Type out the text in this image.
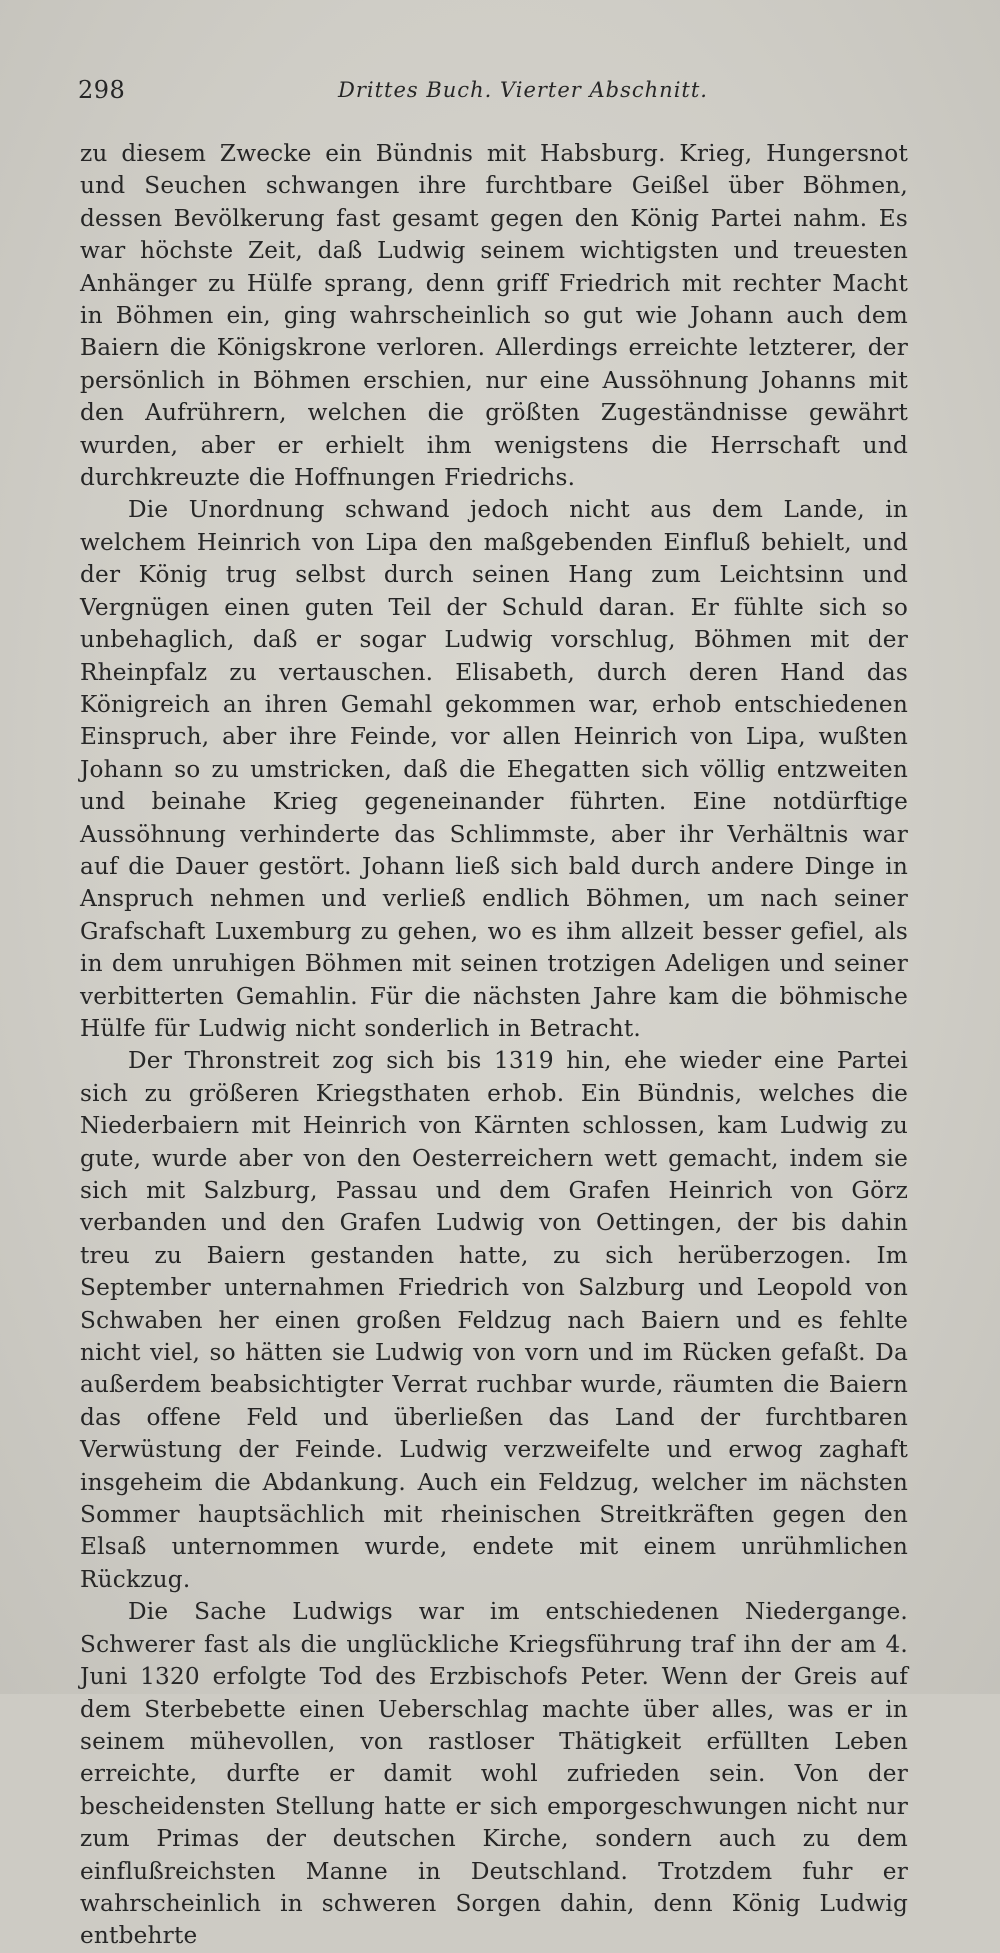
298	Drittes Buch. Vierter Abschnitt.

zu diesem Zwecke ein Bündnis mit Habsburg. Krieg, Hungersnot und Seuchen schwangen ihre furchtbare Geißel über Böhmen, dessen Bevölkerung fast gesamt gegen den König Partei nahm. Es war höchste Zeit, daß Ludwig seinem wichtigsten und treuesten Anhänger zu Hülfe sprang, denn griff Friedrich mit rechter Macht in Böhmen ein, ging wahrscheinlich so gut wie Johann auch dem Baiern die Königskrone verloren. Allerdings erreichte letzterer, der persönlich in Böhmen erschien, nur eine Aussöhnung Johanns mit den Aufrührern, welchen die größten Zugeständnisse gewährt wurden, aber er erhielt ihm wenigstens die Herrschaft und durchkreuzte die Hoffnungen Friedrichs.

Die Unordnung schwand jedoch nicht aus dem Lande, in welchem Heinrich von Lipa den maßgebenden Einfluß behielt, und der König trug selbst durch seinen Hang zum Leichtsinn und Vergnügen einen guten Teil der Schuld daran. Er fühlte sich so unbehaglich, daß er sogar Ludwig vorschlug, Böhmen mit der Rheinpfalz zu vertauschen. Elisabeth, durch deren Hand das Königreich an ihren Gemahl gekommen war, erhob entschiedenen Einspruch, aber ihre Feinde, vor allen Heinrich von Lipa, wußten Johann so zu umstricken, daß die Ehegatten sich völlig entzweiten und beinahe Krieg gegeneinander führten. Eine notdürftige Aussöhnung verhinderte das Schlimmste, aber ihr Verhältnis war auf die Dauer gestört. Johann ließ sich bald durch andere Dinge in Anspruch nehmen und verließ endlich Böhmen, um nach seiner Grafschaft Luxemburg zu gehen, wo es ihm allzeit besser gefiel, als in dem unruhigen Böhmen mit seinen trotzigen Adeligen und seiner verbitterten Gemahlin. Für die nächsten Jahre kam die böhmische Hülfe für Ludwig nicht sonderlich in Betracht.

Der Thronstreit zog sich bis 1319 hin, ehe wieder eine Partei sich zu größeren Kriegsthaten erhob. Ein Bündnis, welches die Niederbaiern mit Heinrich von Kärnten schlossen, kam Ludwig zu gute, wurde aber von den Oesterreichern wett gemacht, indem sie sich mit Salzburg, Passau und dem Grafen Heinrich von Görz verbanden und den Grafen Ludwig von Oettingen, der bis dahin treu zu Baiern gestanden hatte, zu sich herüberzogen. Im September unternahmen Friedrich von Salzburg und Leopold von Schwaben her einen großen Feldzug nach Baiern und es fehlte nicht viel, so hätten sie Ludwig von vorn und im Rücken gefaßt. Da außerdem beabsichtigter Verrat ruchbar wurde, räumten die Baiern das offene Feld und überließen das Land der furchtbaren Verwüstung der Feinde. Ludwig verzweifelte und erwog zaghaft insgeheim die Abdankung. Auch ein Feldzug, welcher im nächsten Sommer hauptsächlich mit rheinischen Streitkräften gegen den Elsaß unternommen wurde, endete mit einem unrühmlichen Rückzug.

Die Sache Ludwigs war im entschiedenen Niedergange. Schwerer fast als die unglückliche Kriegsführung traf ihn der am 4. Juni 1320 erfolgte Tod des Erzbischofs Peter. Wenn der Greis auf dem Sterbebette einen Ueberschlag machte über alles, was er in seinem mühevollen, von rastloser Thätigkeit erfüllten Leben erreichte, durfte er damit wohl zufrieden sein. Von der bescheidensten Stellung hatte er sich emporgeschwungen nicht nur zum Primas der deutschen Kirche, sondern auch zu dem einflußreichsten Manne in Deutschland. Trotzdem fuhr er wahrscheinlich in schweren Sorgen dahin, denn König Ludwig entbehrte
